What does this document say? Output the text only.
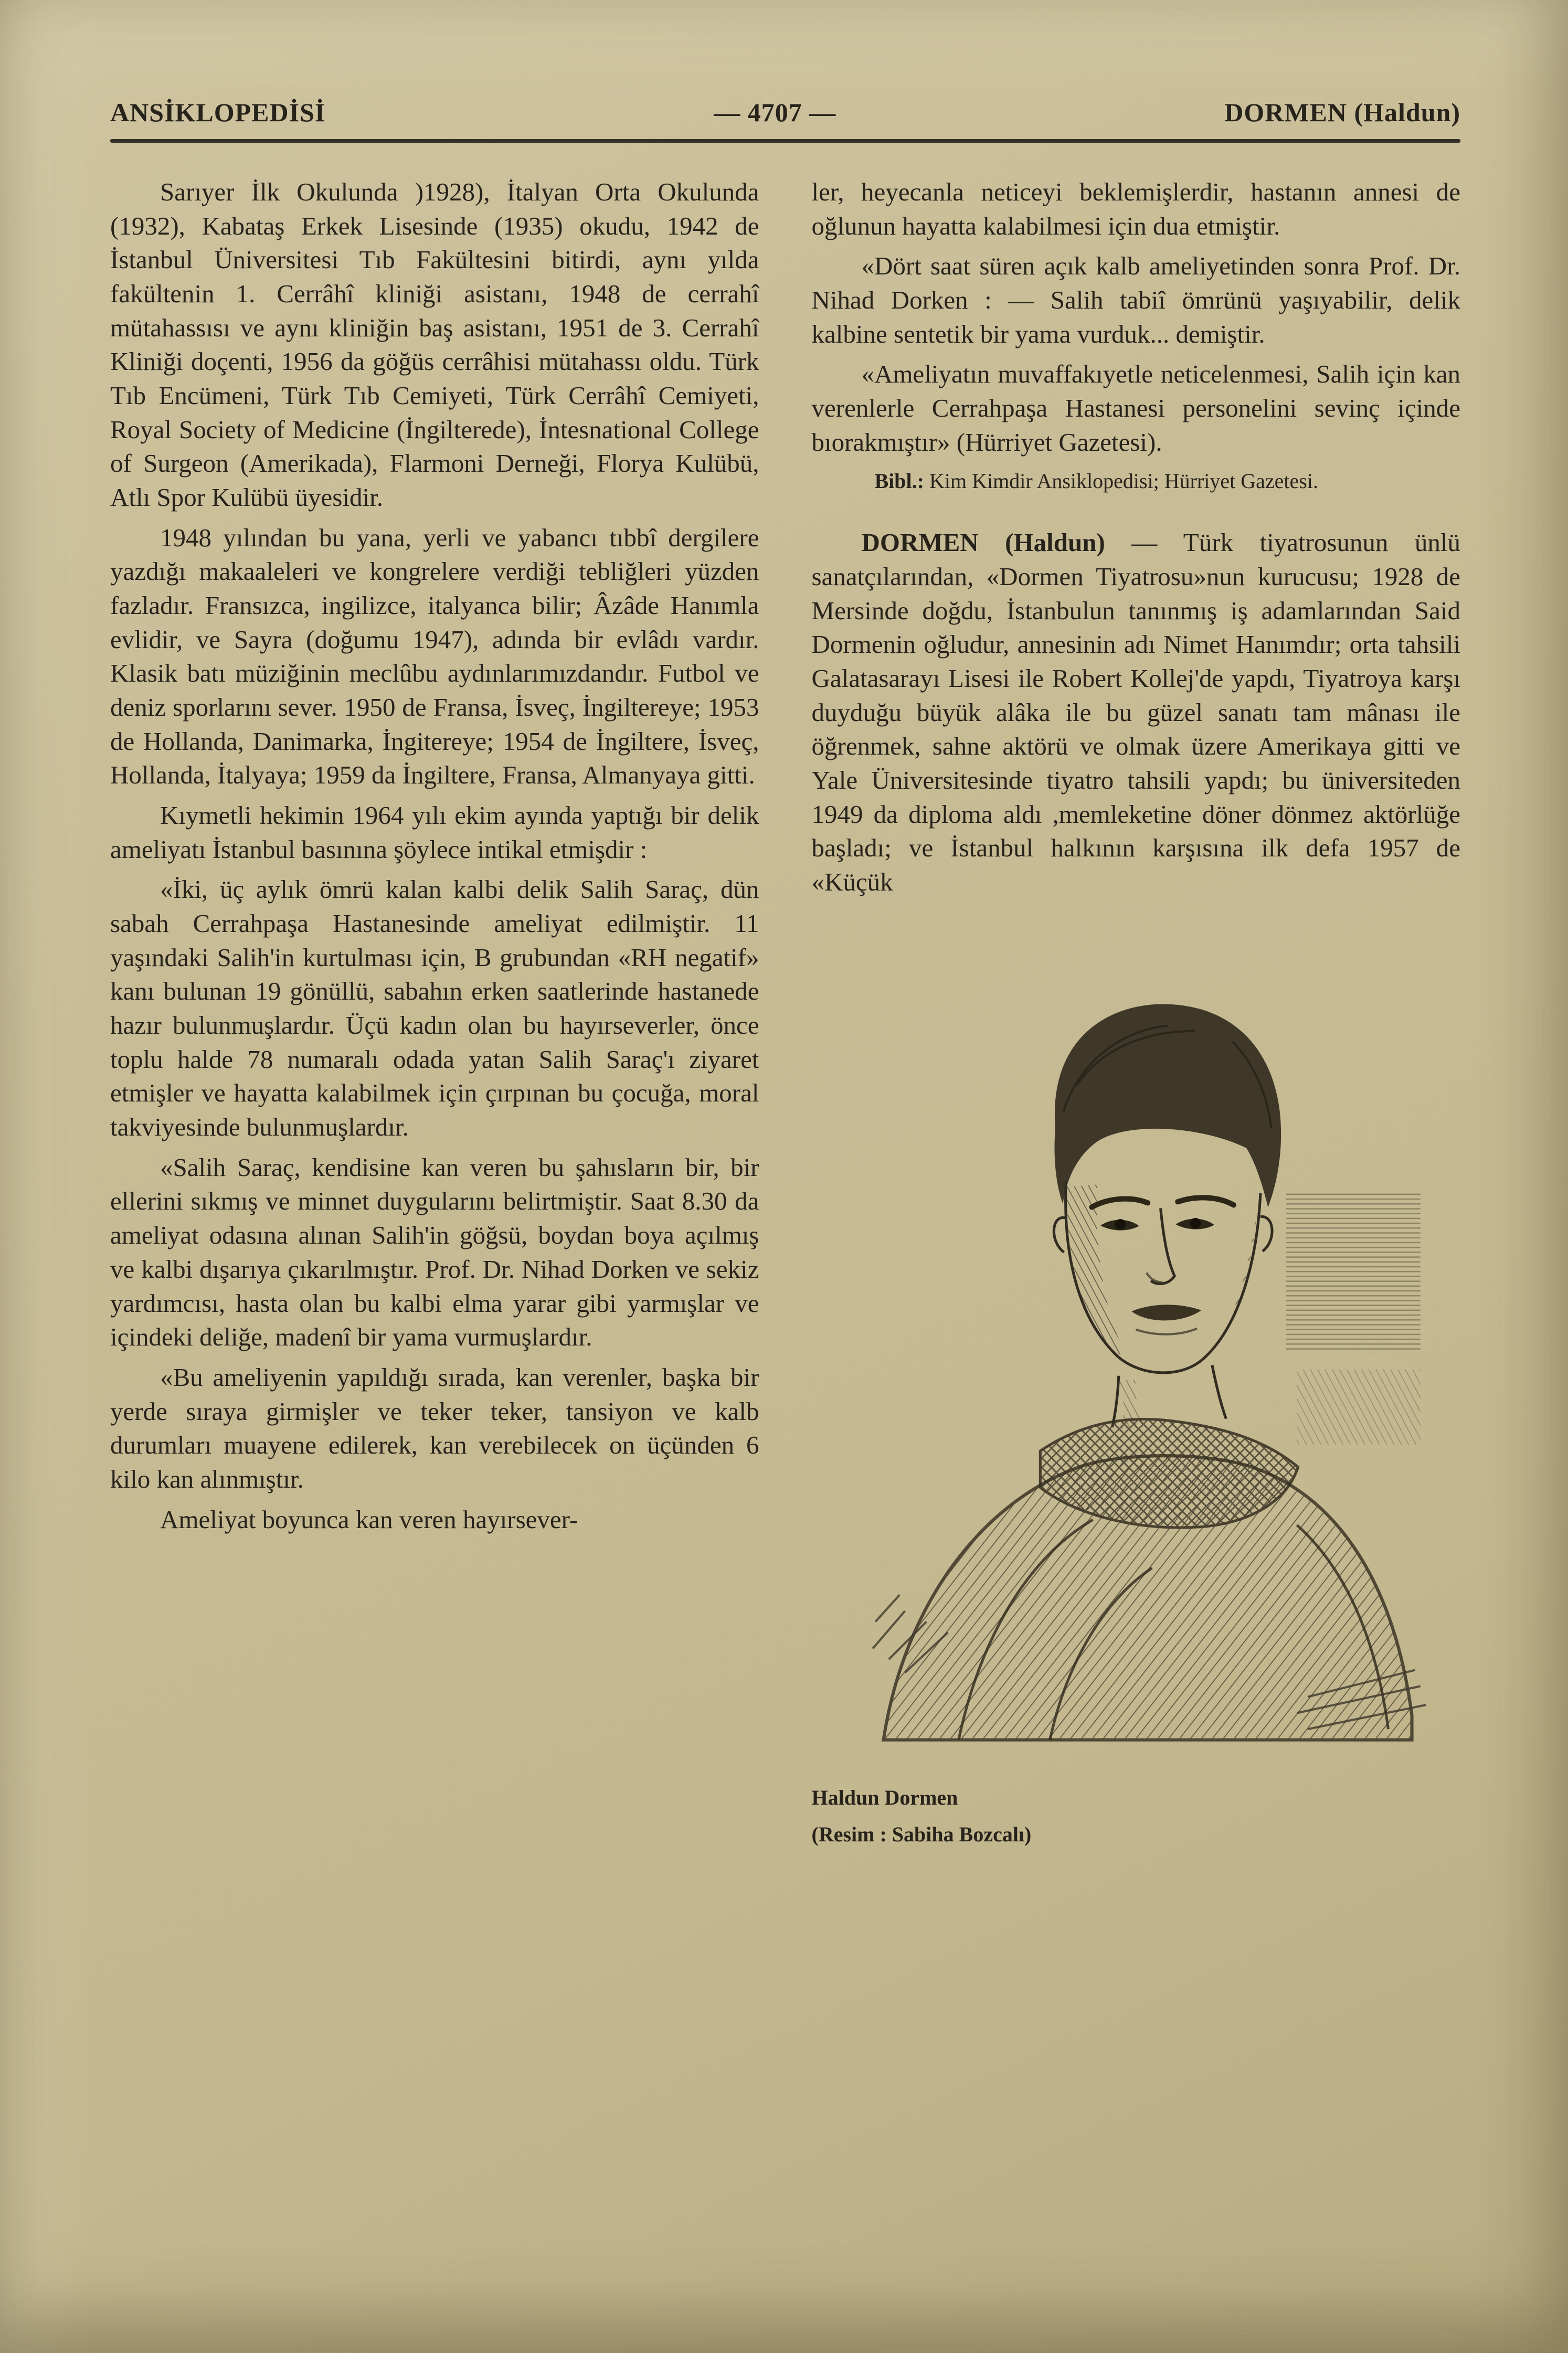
ANSİKLOPEDİSİ	— 4707 —	DORMEN (Haldun)

Sarıyer İlk Okulunda )1928), İtalyan Orta Okulunda (1932), Kabataş Erkek Lisesinde (1935) okudu, 1942 de İstanbul Üniversitesi Tıb Fakültesini bitirdi, aynı yılda fakültenin 1. Cerrâhî kliniği asistanı, 1948 de cerrahî mütahassısı ve aynı kliniğin baş asistanı, 1951 de 3. Cerrahî Kliniği doçenti, 1956 da göğüs cerrâhisi mütahassı oldu. Türk Tıb Encümeni, Türk Tıb Cemiyeti, Türk Cerrâhî Cemiyeti, Royal Society of Medicine (İngilterede), İntesnational College of Surgeon (Amerikada), Flarmoni Derneği, Florya Kulübü, Atlı Spor Kulübü üyesidir.

1948 yılından bu yana, yerli ve yabancı tıbbî dergilere yazdığı makaaleleri ve kongrelere verdiği tebliğleri yüzden fazladır. Fransızca, ingilizce, italyanca bilir; Âzâde Hanımla evlidir, ve Sayra (doğumu 1947), adında bir evlâdı vardır. Klasik batı müziğinin meclûbu aydınlarımızdandır. Futbol ve deniz sporlarını sever. 1950 de Fransa, İsveç, İngiltereye; 1953 de Hollanda, Danimarka, İngitereye; 1954 de İngiltere, İsveç, Hollanda, İtalyaya; 1959 da İngiltere, Fransa, Almanyaya gitti.

Kıymetli hekimin 1964 yılı ekim ayında yaptığı bir delik ameliyatı İstanbul basınına şöylece intikal etmişdir :

«İki, üç aylık ömrü kalan kalbi delik Salih Saraç, dün sabah Cerrahpaşa Hastanesinde ameliyat edilmiştir. 11 yaşındaki Salih'in kurtulması için, B grubundan «RH negatif» kanı bulunan 19 gönüllü, sabahın erken saatlerinde hastanede hazır bulunmuşlardır. Üçü kadın olan bu hayırseverler, önce toplu halde 78 numaralı odada yatan Salih Saraç'ı ziyaret etmişler ve hayatta kalabilmek için çırpınan bu çocuğa, moral takviyesinde bulunmuşlardır.

«Salih Saraç, kendisine kan veren bu şahısların bir, bir ellerini sıkmış ve minnet duygularını belirtmiştir. Saat 8.30 da ameliyat odasına alınan Salih'in göğsü, boydan boya açılmış ve kalbi dışarıya çıkarılmıştır. Prof. Dr. Nihad Dorken ve sekiz yardımcısı, hasta olan bu kalbi elma yarar gibi yarmışlar ve içindeki deliğe, madenî bir yama vurmuşlardır.

«Bu ameliyenin yapıldığı sırada, kan verenler, başka bir yerde sıraya girmişler ve teker teker, tansiyon ve kalb durumları muayene edilerek, kan verebilecek on üçünden 6 kilo kan alınmıştır.

Ameliyat boyunca kan veren hayırsever-

ler, heyecanla neticeyi beklemişlerdir, hastanın annesi de oğlunun hayatta kalabilmesi için dua etmiştir.

«Dört saat süren açık kalb ameliyetinden sonra Prof. Dr. Nihad Dorken : — Salih tabiî ömrünü yaşıyabilir, delik kalbine sentetik bir yama vurduk... demiştir.

«Ameliyatın muvaffakıyetle neticelenmesi, Salih için kan verenlerle Cerrahpaşa Hastanesi personelini sevinç içinde bıorakmıştır» (Hürriyet Gazetesi).

Bibl.: Kim Kimdir Ansiklopedisi; Hürriyet Gazetesi.

DORMEN (Haldun) — Türk tiyatrosunun ünlü sanatçılarından, «Dormen Tiyatrosu»nun kurucusu; 1928 de Mersinde doğdu, İstanbulun tanınmış iş adamlarından Said Dormenin oğludur, annesinin adı Nimet Hanımdır; orta tahsili Galatasarayı Lisesi ile Robert Kollej'de yapdı, Tiyatroya karşı duyduğu büyük alâka ile bu güzel sanatı tam mânası ile öğrenmek, sahne aktörü ve olmak üzere Amerikaya gitti ve Yale Üniversitesinde tiyatro tahsili yapdı; bu üniversiteden 1949 da diploma aldı ,memleketine döner dönmez aktörlüğe başladı; ve İstanbul halkının karşısına ilk defa 1957 de «Küçük

Haldun Dormen

(Resim : Sabiha Bozcalı)
